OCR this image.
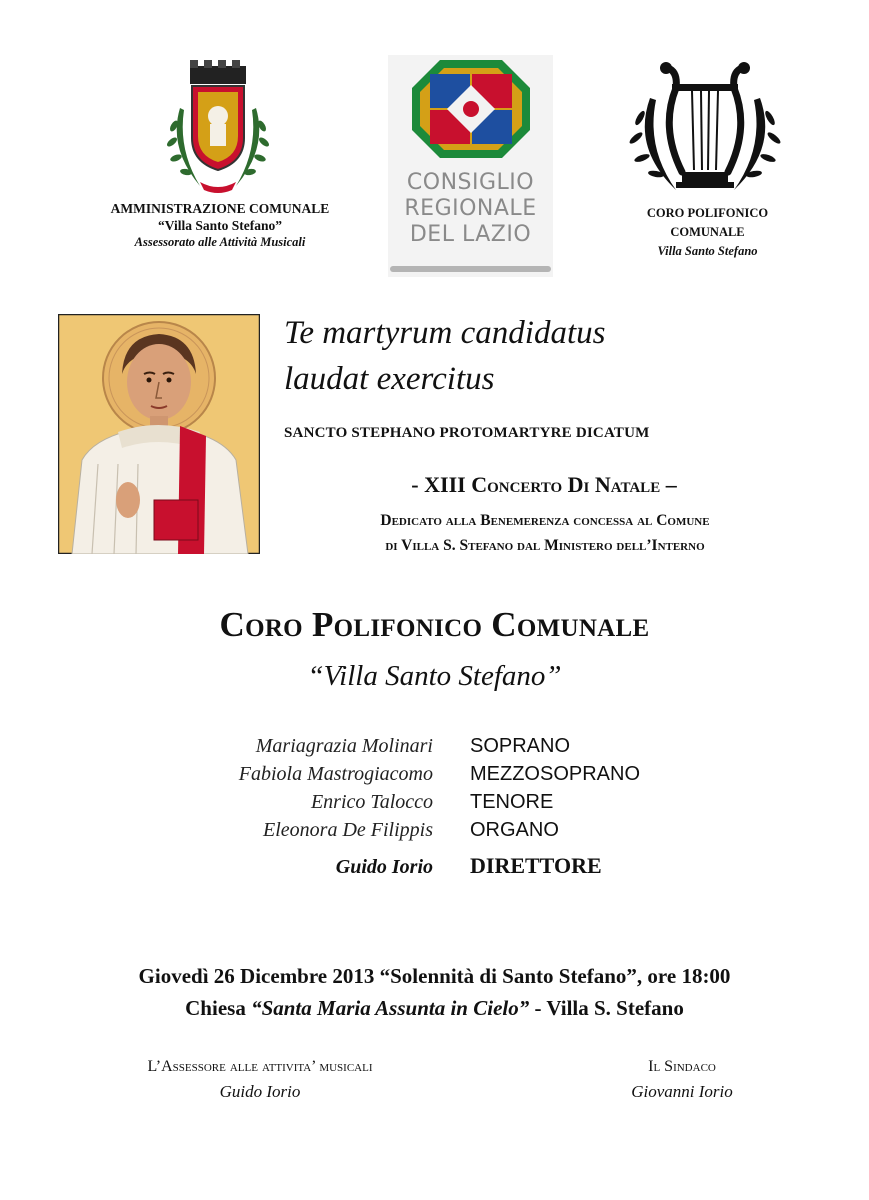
AMMINISTRAZIONE COMUNALE
“Villa Santo Stefano”
Assessorato alle Attività Musicali
CONSIGLIO
REGIONALE
DEL LAZIO
CORO POLIFONICO
COMUNALE
Villa Santo Stefano
Te martyrum candidatus
laudat exercitus
SANCTO STEPHANO PROTOMARTYRE DICATUM
- XIII Concerto Di Natale –
Dedicato alla Benemerenza concessa al Comune
di Villa S. Stefano dal Ministero dell’Interno
Coro Polifonico Comunale
“Villa Santo Stefano”
Mariagrazia Molinari SOPRANO
Fabiola Mastrogiacomo MEZZOSOPRANO
Enrico Talocco TENORE
Eleonora De Filippis ORGANO
Guido Iorio DIRETTORE
Giovedì 26 Dicembre 2013 “Solennità di Santo Stefano”, ore 18:00
Chiesa “Santa Maria Assunta in Cielo” - Villa S. Stefano
L’Assessore alle attivita’ musicali
Guido Iorio
Il Sindaco
Giovanni Iorio
